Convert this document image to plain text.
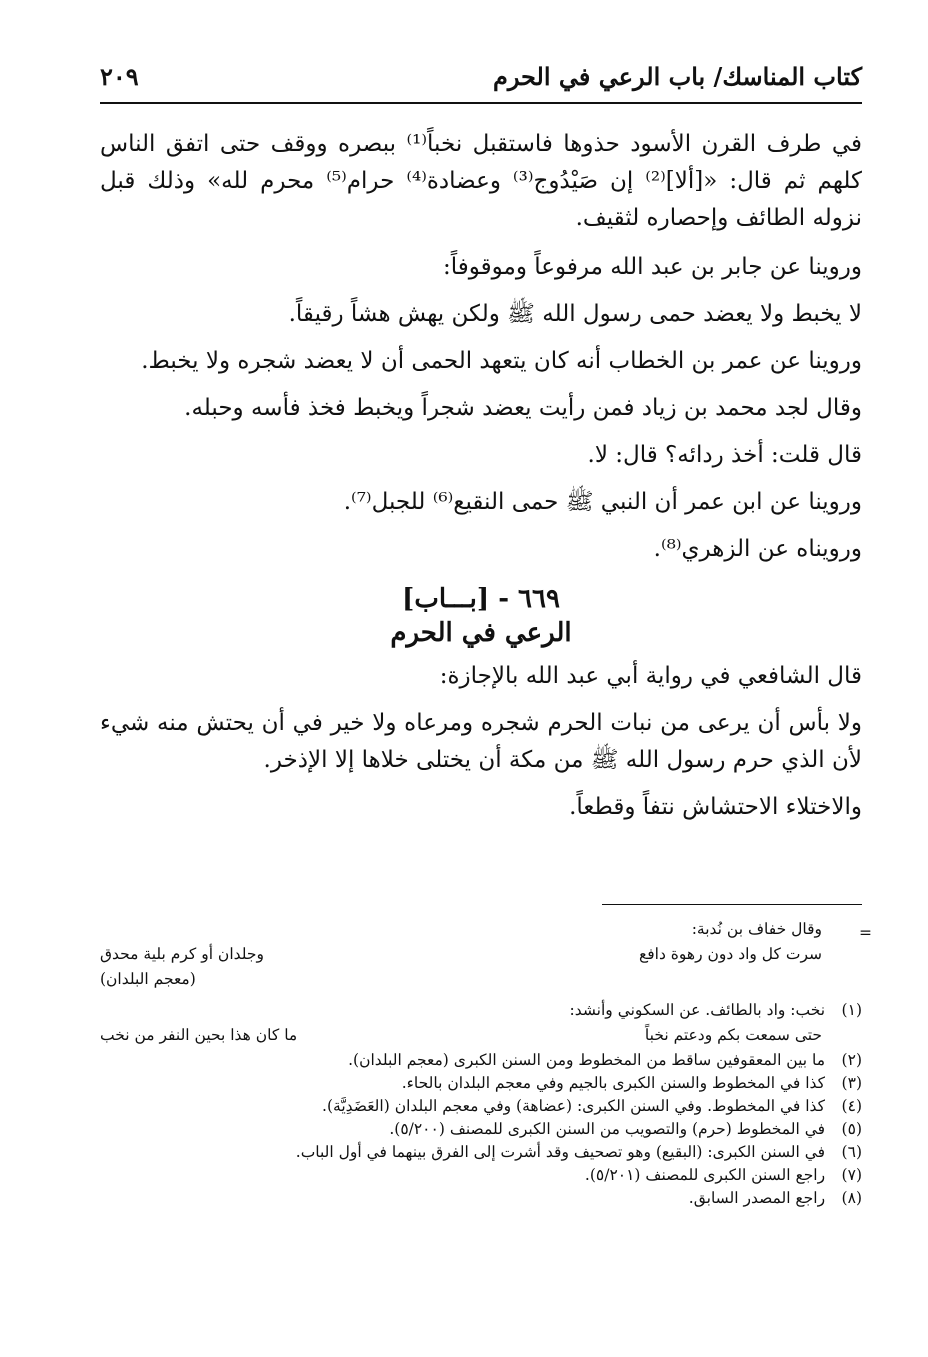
كتاب المناسك/ باب الرعي في الحرم
٢٠٩

في طرف القرن الأسود حذوها فاستقبل نخباً⁽¹⁾ ببصره ووقف حتى اتفق الناس كلهم ثم قال: «[ألا]⁽²⁾ إن صَيْدُوج⁽³⁾ وعضادة⁽⁴⁾ حرام⁽⁵⁾ محرم لله» وذلك قبل نزوله الطائف وإحصاره لثقيف.

وروينا عن جابر بن عبد الله مرفوعاً وموقوفاً:

لا يخبط ولا يعضد حمى رسول الله ﷺ ولكن يهش هشاً رقيقاً.

وروينا عن عمر بن الخطاب أنه كان يتعهد الحمى أن لا يعضد شجره ولا يخبط.

وقال لجد محمد بن زياد فمن رأيت يعضد شجراً ويخبط فخذ فأسه وحبله.

قال قلت: أخذ ردائه؟ قال: لا.

وروينا عن ابن عمر أن النبي ﷺ حمى النقيع⁽⁶⁾ للجبل⁽⁷⁾.

ورويناه عن الزهري⁽⁸⁾.

٦٦٩ - [بـــاب]
الرعي في الحرم

قال الشافعي في رواية أبي عبد الله بالإجازة:

ولا بأس أن يرعى من نبات الحرم شجره ومرعاه ولا خير في أن يحتش منه شيء لأن الذي حرم رسول الله ﷺ من مكة أن يختلى خلاها إلا الإذخر.

والاختلاء الاحتشاش نتفاً وقطعاً.

=

وقال خفاف بن نُدبة:

سرت كل واد دون رهوة دافع
وجلدان أو كرم بلية محدق

(معجم البلدان)

(١) نخب: واد بالطائف. عن السكوني وأنشد:

حتى سمعت بكم ودعتم نخباً
ما كان هذا بحين النفر من نخب

(٢) ما بين المعقوفين ساقط من المخطوط ومن السنن الكبرى (معجم البلدان).

(٣) كذا في المخطوط والسنن الكبرى بالجيم وفي معجم البلدان بالحاء.

(٤) كذا في المخطوط. وفي السنن الكبرى: (عضاهة) وفي معجم البلدان (العَضَدِيَّة).

(٥) في المخطوط (حرم) والتصويب من السنن الكبرى للمصنف (٥/٢٠٠).

(٦) في السنن الكبرى: (البقيع) وهو تصحيف وقد أشرت إلى الفرق بينهما في أول الباب.

(٧) راجع السنن الكبرى للمصنف (٥/٢٠١).

(٨) راجع المصدر السابق.
